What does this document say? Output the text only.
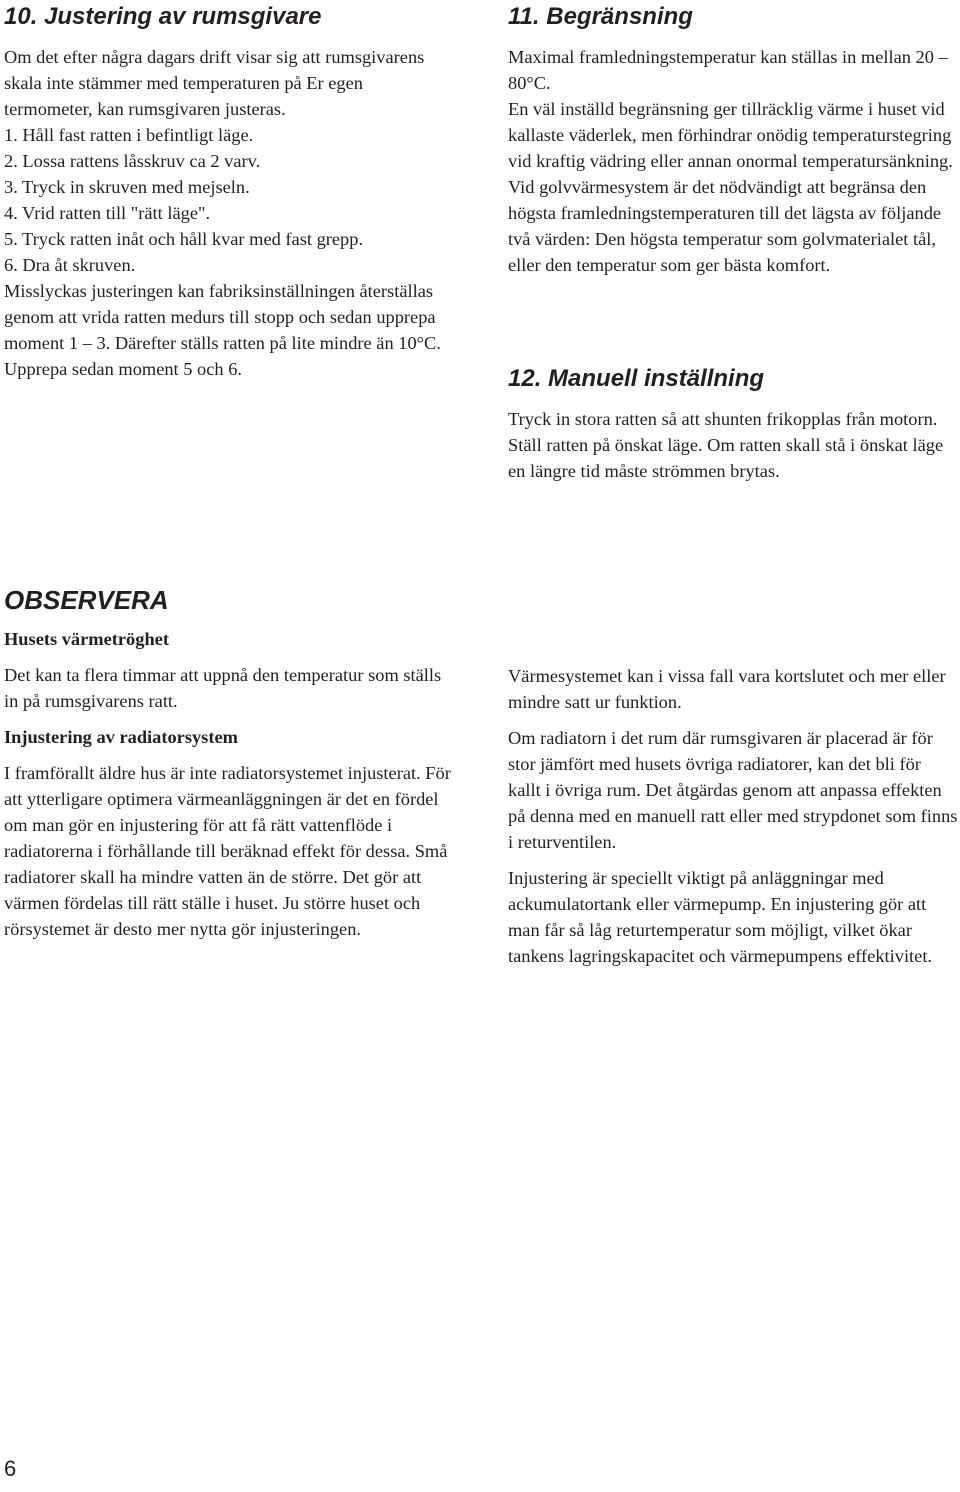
10. Justering av rumsgivare

Om det efter några dagars drift visar sig att rumsgivarens skala inte stämmer med temperaturen på Er egen termometer, kan rumsgivaren justeras.

1. Håll fast ratten i befintligt läge.

2. Lossa rattens låsskruv ca 2 varv.

3. Tryck in skruven med mejseln.

4. Vrid ratten till "rätt läge".

5. Tryck ratten inåt och håll kvar med fast grepp.

6. Dra åt skruven.

Misslyckas justeringen kan fabriksinställningen återställas genom att vrida ratten medurs till stopp och sedan upprepa moment 1 – 3. Därefter ställs ratten på lite mindre än 10°C. Upprepa sedan moment 5 och 6.

11. Begränsning

Maximal framledningstemperatur kan ställas in mellan 20 – 80°C.

En väl inställd begränsning ger tillräcklig värme i huset vid kallaste väderlek, men förhindrar onödig temperaturstegring vid kraftig vädring eller annan onormal temperatursänkning.

Vid golvvärmesystem är det nödvändigt att begränsa den högsta framledningstemperaturen till det lägsta av följande två värden: Den högsta temperatur som golvmaterialet tål, eller den temperatur som ger bästa komfort.

12. Manuell inställning

Tryck in stora ratten så att shunten frikopplas från motorn. Ställ ratten på önskat läge. Om ratten skall stå i önskat läge en längre tid måste strömmen brytas.

OBSERVERA
Husets värmetröghet

Det kan ta flera timmar att uppnå den temperatur som ställs in på rumsgivarens ratt.

Injustering av radiatorsystem

I framförallt äldre hus är inte radiatorsystemet injusterat. För att ytterligare optimera värmeanläggningen är det en fördel om man gör en injustering för att få rätt vattenflöde i radiatorerna i förhållande till beräknad effekt för dessa. Små radiatorer skall ha mindre vatten än de större. Det gör att värmen fördelas till rätt ställe i huset. Ju större huset och rörsystemet är desto mer nytta gör injusteringen.

Värmesystemet kan i vissa fall vara kortslutet och mer eller mindre satt ur funktion.

Om radiatorn i det rum där rumsgivaren är placerad är för stor jämfört med husets övriga radiatorer, kan det bli för kallt i övriga rum. Det åtgärdas genom att anpassa effekten på denna med en manuell ratt eller med strypdonet som finns i returventilen.

Injustering är speciellt viktigt på anläggningar med ackumulatortank eller värmepump. En injustering gör att man får så låg returtemperatur som möjligt, vilket ökar tankens lagringskapacitet och värmepumpens effektivitet.

6
